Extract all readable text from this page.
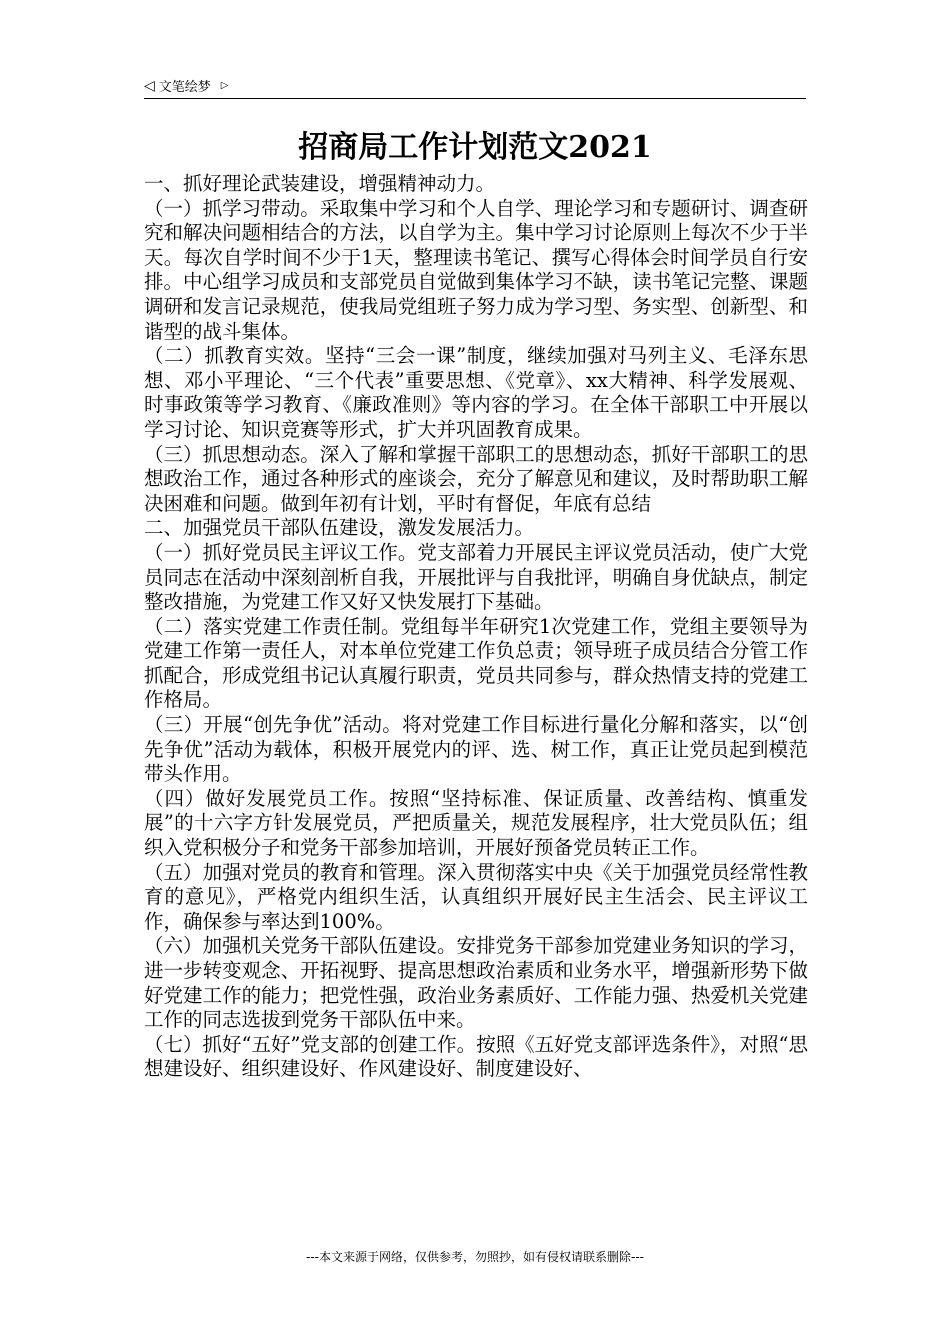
◁ 文笔绘梦 ▷
招商局工作计划范文2021

一、抓好理论武装建设，增强精神动力。

（一）抓学习带动。采取集中学习和个人自学、理论学习和专题研讨、调查研究和解决问题相结合的方法，以自学为主。集中学习讨论原则上每次不少于半天。每次自学时间不少于1天，整理读书笔记、撰写心得体会时间学员自行安排。中心组学习成员和支部党员自觉做到集体学习不缺，读书笔记完整、课题调研和发言记录规范，使我局党组班子努力成为学习型、务实型、创新型、和谐型的战斗集体。

（二）抓教育实效。坚持“三会一课”制度，继续加强对马列主义、毛泽东思想、邓小平理论、“三个代表”重要思想、《党章》、xx大精神、科学发展观、时事政策等学习教育、《廉政准则》等内容的学习。在全体干部职工中开展以学习讨论、知识竞赛等形式，扩大并巩固教育成果。

（三）抓思想动态。深入了解和掌握干部职工的思想动态，抓好干部职工的思想政治工作，通过各种形式的座谈会，充分了解意见和建议，及时帮助职工解决困难和问题。做到年初有计划，平时有督促，年底有总结

二、加强党员干部队伍建设，激发发展活力。

（一）抓好党员民主评议工作。党支部着力开展民主评议党员活动，使广大党员同志在活动中深刻剖析自我，开展批评与自我批评，明确自身优缺点，制定整改措施，为党建工作又好又快发展打下基础。

（二）落实党建工作责任制。党组每半年研究1次党建工作，党组主要领导为党建工作第一责任人，对本单位党建工作负总责；领导班子成员结合分管工作抓配合，形成党组书记认真履行职责，党员共同参与，群众热情支持的党建工作格局。

（三）开展“创先争优”活动。将对党建工作目标进行量化分解和落实，以“创先争优”活动为载体，积极开展党内的评、选、树工作，真正让党员起到模范带头作用。

（四）做好发展党员工作。按照“坚持标准、保证质量、改善结构、慎重发展”的十六字方针发展党员，严把质量关，规范发展程序，壮大党员队伍；组织入党积极分子和党务干部参加培训，开展好预备党员转正工作。

（五）加强对党员的教育和管理。深入贯彻落实中央《关于加强党员经常性教育的意见》，严格党内组织生活，认真组织开展好民主生活会、民主评议工作，确保参与率达到100%。

（六）加强机关党务干部队伍建设。安排党务干部参加党建业务知识的学习，进一步转变观念、开拓视野、提高思想政治素质和业务水平，增强新形势下做好党建工作的能力；把党性强，政治业务素质好、工作能力强、热爱机关党建工作的同志选拔到党务干部队伍中来。

（七）抓好“五好”党支部的创建工作。按照《五好党支部评选条件》，对照“思想建设好、组织建设好、作风建设好、制度建设好、

---本文来源于网络，仅供参考，勿照抄，如有侵权请联系删除---
